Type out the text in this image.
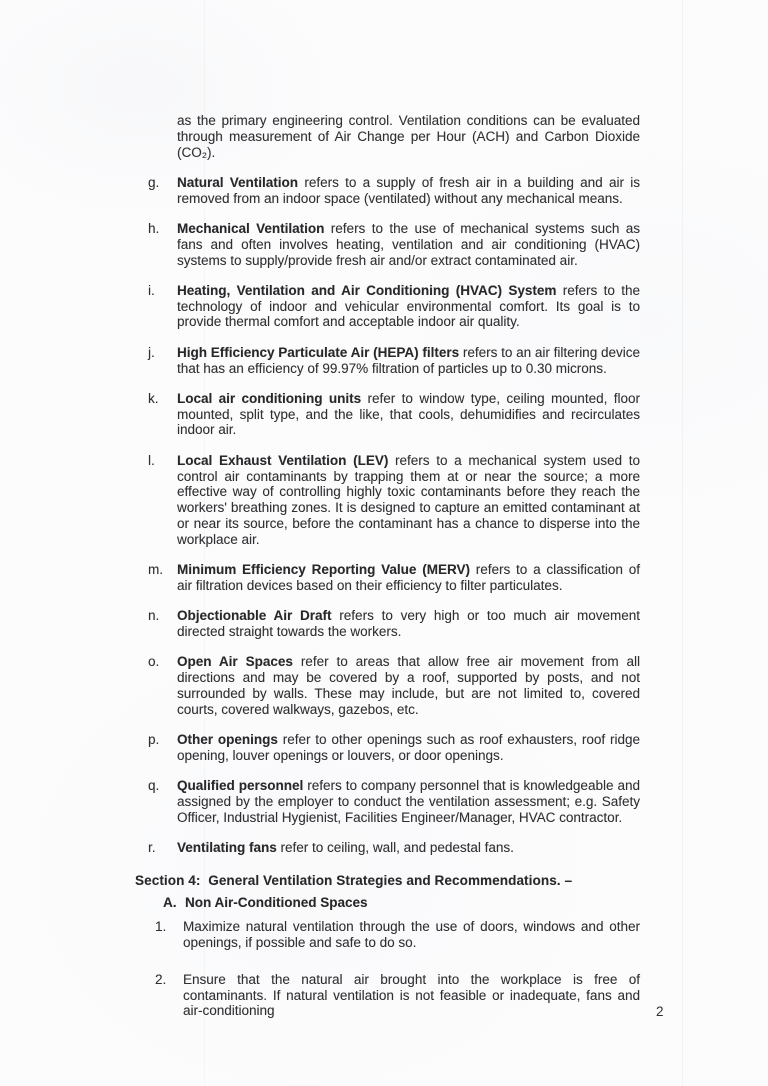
as the primary engineering control. Ventilation conditions can be evaluated through measurement of Air Change per Hour (ACH) and Carbon Dioxide (CO₂).

g.	Natural Ventilation refers to a supply of fresh air in a building and air is removed from an indoor space (ventilated) without any mechanical means.
h.	Mechanical Ventilation refers to the use of mechanical systems such as fans and often involves heating, ventilation and air conditioning (HVAC) systems to supply/provide fresh air and/or extract contaminated air.
i.	Heating, Ventilation and Air Conditioning (HVAC) System refers to the technology of indoor and vehicular environmental comfort. Its goal is to provide thermal comfort and acceptable indoor air quality.
j.	High Efficiency Particulate Air (HEPA) filters refers to an air filtering device that has an efficiency of 99.97% filtration of particles up to 0.30 microns.
k.	Local air conditioning units refer to window type, ceiling mounted, floor mounted, split type, and the like, that cools, dehumidifies and recirculates indoor air.
l.	Local Exhaust Ventilation (LEV) refers to a mechanical system used to control air contaminants by trapping them at or near the source; a more effective way of controlling highly toxic contaminants before they reach the workers' breathing zones. It is designed to capture an emitted contaminant at or near its source, before the contaminant has a chance to disperse into the workplace air.
m.	Minimum Efficiency Reporting Value (MERV) refers to a classification of air filtration devices based on their efficiency to filter particulates.
n.	Objectionable Air Draft refers to very high or too much air movement directed straight towards the workers.
o.	Open Air Spaces refer to areas that allow free air movement from all directions and may be covered by a roof, supported by posts, and not surrounded by walls. These may include, but are not limited to, covered courts, covered walkways, gazebos, etc.
p.	Other openings refer to other openings such as roof exhausters, roof ridge opening, louver openings or louvers, or door openings.
q.	Qualified personnel refers to company personnel that is knowledgeable and assigned by the employer to conduct the ventilation assessment; e.g. Safety Officer, Industrial Hygienist, Facilities Engineer/Manager, HVAC contractor.
r.	Ventilating fans refer to ceiling, wall, and pedestal fans.
Section 4:  General Ventilation Strategies and Recommendations. –
A. Non Air-Conditioned Spaces
1.	Maximize natural ventilation through the use of doors, windows and other openings, if possible and safe to do so.
2.	Ensure that the natural air brought into the workplace is free of contaminants. If natural ventilation is not feasible or inadequate, fans and air-conditioning	2
